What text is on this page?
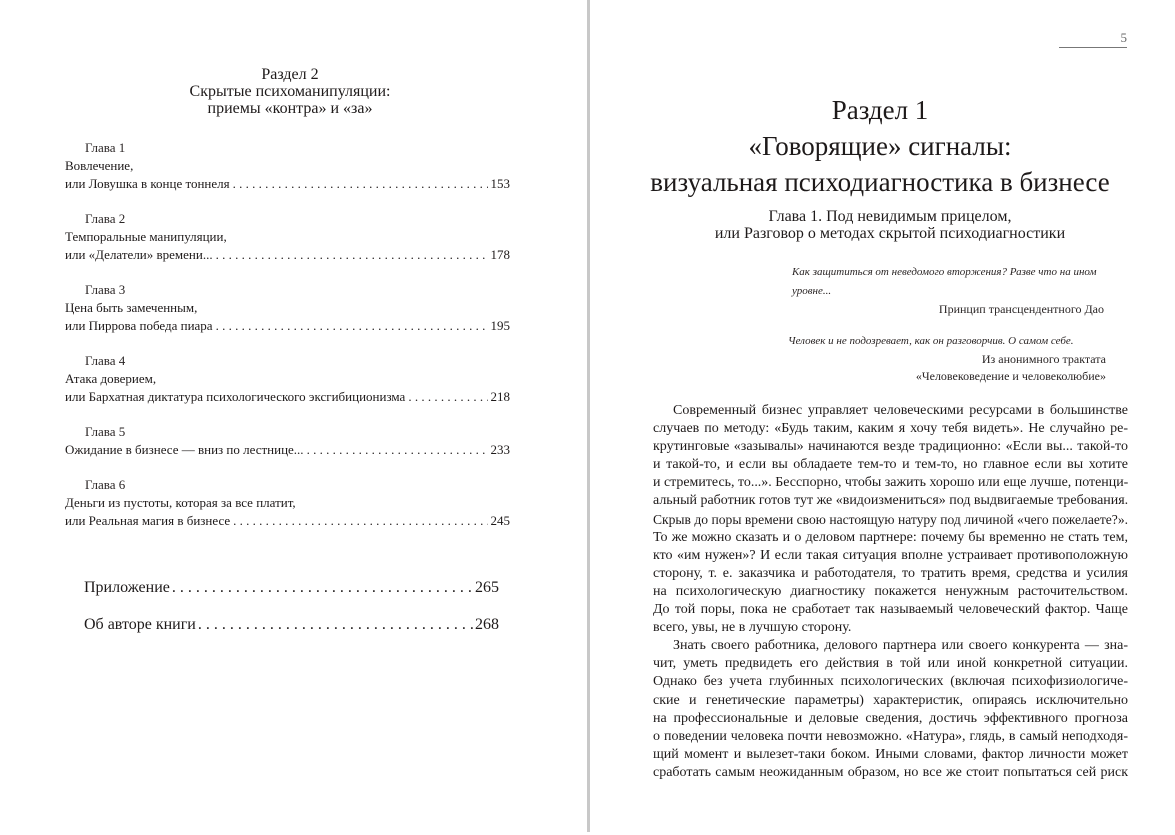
Раздел 2
Скрытые психоманипуляции:
приемы «контра» и «за»
Глава 1
Вовлечение,
или Ловушка в конце тоннеля . . .	153
Глава 2
Темпоральные манипуляции,
или «Делатели» времени... . . .	178
Глава 3
Цена быть замеченным,
или Пиррова победа пиара . . .	195
Глава 4
Атака доверием,
или Бархатная диктатура психологического эксгибиционизма . . .	218
Глава 5
Ожидание в бизнесе — вниз по лестнице... . . .	233
Глава 6
Деньги из пустоты, которая за все платит,
или Реальная магия в бизнесе . . .	245
Приложение . . .	265
Об авторе книги . . .	268
5
Раздел 1
«Говорящие» сигналы:
визуальная психодиагностика в бизнесе
Глава 1. Под невидимым прицелом,
или Разговор о методах скрытой психодиагностики
Как защититься от неведомого вторжения? Разве что на ином
уровне...
Принцип трансцендентного Дао
Человек и не подозревает, как он разговорчив. О самом себе.
Из анонимного трактата
«Человековедение и человеколюбие»
Современный бизнес управляет человеческими ресурсами в большинстве
случаев по методу: «Будь таким, каким я хочу тебя видеть». Не случайно ре-
крутинговые «зазывалы» начинаются везде традиционно: «Если вы... такой-то
и такой-то, и если вы обладаете тем-то и тем-то, но главное если вы хотите
и стремитесь, то...». Бесспорно, чтобы зажить хорошо или еще лучше, потенци-
альный работник готов тут же «видоизмениться» под выдвигаемые требования.
Скрыв до поры времени свою настоящую натуру под личиной «чего пожелаете?».
То же можно сказать и о деловом партнере: почему бы временно не стать тем,
кто «им нужен»? И если такая ситуация вполне устраивает противоположную
сторону, т. е. заказчика и работодателя, то тратить время, средства и усилия
на психологическую диагностику покажется ненужным расточительством.
До той поры, пока не сработает так называемый человеческий фактор. Чаще
всего, увы, не в лучшую сторону.
Знать своего работника, делового партнера или своего конкурента — зна-
чит, уметь предвидеть его действия в той или иной конкретной ситуации.
Однако без учета глубинных психологических (включая психофизиологиче-
ские и генетические параметры) характеристик, опираясь исключительно
на профессиональные и деловые сведения, достичь эффективного прогноза
о поведении человека почти невозможно. «Натура», глядь, в самый неподходя-
щий момент и вылезет-таки боком. Иными словами, фактор личности может
сработать самым неожиданным образом, но все же стоит попытаться сей риск
